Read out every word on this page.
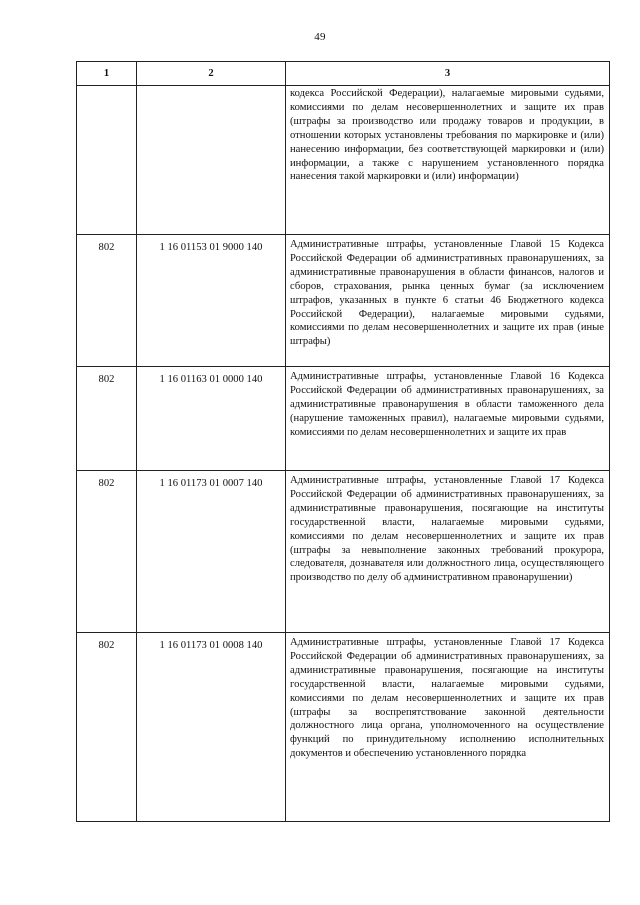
49
1	2	3
		кодекса Российской Федерации), налагаемые мировыми судьями, комиссиями по делам несовершеннолетних и защите их прав (штрафы за производство или продажу товаров и продукции, в отношении которых установлены требования по маркировке и (или) нанесению информации, без соответствующей маркировки и (или) информации, а также с нарушением установленного порядка нанесения такой маркировки и (или) информации)
802	1 16 01153 01 9000 140	Административные штрафы, установленные Главой 15 Кодекса Российской Федерации об административных правонарушениях, за административные правонарушения в области финансов, налогов и сборов, страхования, рынка ценных бумаг (за исключением штрафов, указанных в пункте 6 статьи 46 Бюджетного кодекса Российской Федерации), налагаемые мировыми судьями, комиссиями по делам несовершеннолетних и защите их прав (иные штрафы)
802	1 16 01163 01 0000 140	Административные штрафы, установленные Главой 16 Кодекса Российской Федерации об административных правонарушениях, за административные правонарушения в области таможенного дела (нарушение таможенных правил), налагаемые мировыми судьями, комиссиями по делам несовершеннолетних и защите их прав
802	1 16 01173 01 0007 140	Административные штрафы, установленные Главой 17 Кодекса Российской Федерации об административных правонарушениях, за административные правонарушения, посягающие на институты государственной власти, налагаемые мировыми судьями, комиссиями по делам несовершеннолетних и защите их прав (штрафы за невыполнение законных требований прокурора, следователя, дознавателя или должностного лица, осуществляющего производство по делу об административном правонарушении)
802	1 16 01173 01 0008 140	Административные штрафы, установленные Главой 17 Кодекса Российской Федерации об административных правонарушениях, за административные правонарушения, посягающие на институты государственной власти, налагаемые мировыми судьями, комиссиями по делам несовершеннолетних и защите их прав (штрафы за воспрепятствование законной деятельности должностного лица органа, уполномоченного на осуществление функций по принудительному исполнению исполнительных документов и обеспечению установленного порядка
